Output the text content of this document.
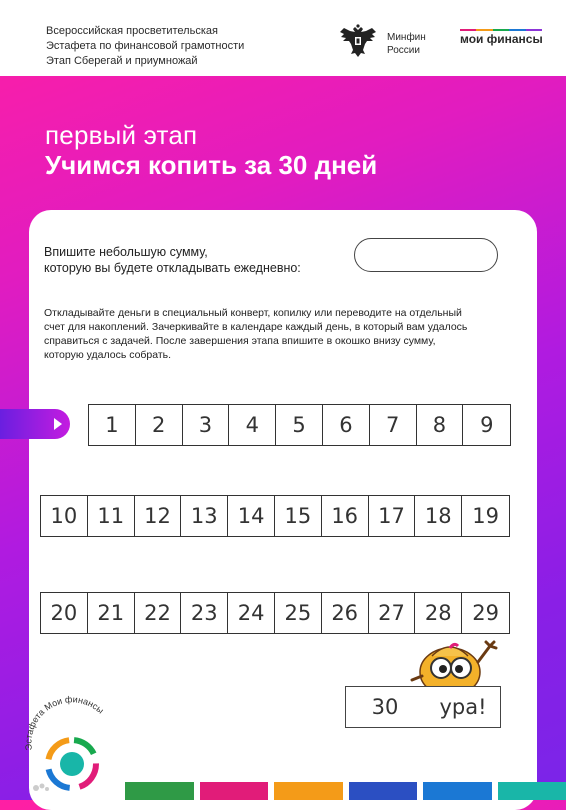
Всероссийская просветительская
Эстафета по финансовой грамотности
Этап Сберегай и приумножай
Минфин
России
мои финансы
первый этап
Учимся копить за 30 дней
Впишите небольшую сумму,
которую вы будете откладывать ежедневно:
Откладывайте деньги в специальный конверт, копилку или переводите на отдельный
счет для накоплений. Зачеркивайте в календаре каждый день, в который вам удалось
справиться с задачей. После завершения этапа впишите в окошко внизу сумму,
которую удалось собрать.
1	2	3	4	5	6	7	8	9
10 11 12 13 14 15 16 17 18 19
20 21 22 23 24 25 26 27 28 29
30	ура!
Эстафета Мои финансы
